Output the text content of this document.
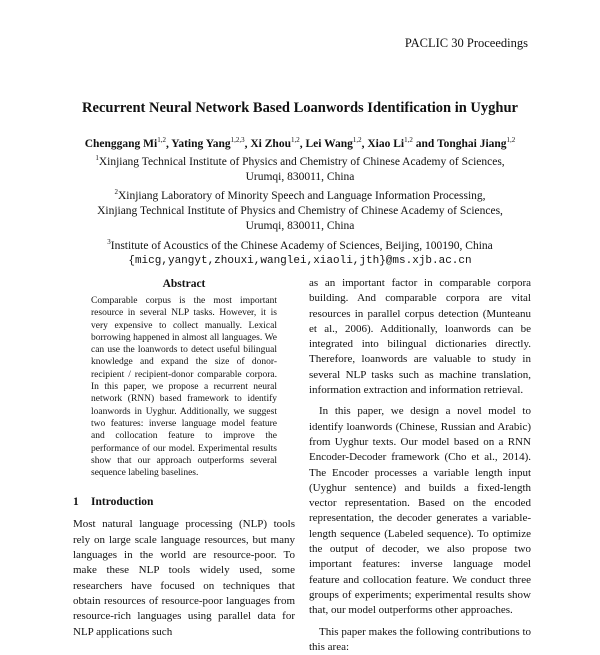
PACLIC 30 Proceedings
Recurrent Neural Network Based Loanwords Identification in Uyghur
Chenggang Mi$^{1,2}$, Yating Yang$^{1,2,3}$, Xi Zhou$^{1,2}$, Lei Wang$^{1,2}$, Xiao Li$^{1,2}$ and Tonghai Jiang$^{1,2}$
$^1$Xinjiang Technical Institute of Physics and Chemistry of Chinese Academy of Sciences,
Urumqi, 830011, China
$^2$Xinjiang Laboratory of Minority Speech and Language Information Processing,
Xinjiang Technical Institute of Physics and Chemistry of Chinese Academy of Sciences,
Urumqi, 830011, China
$^3$Institute of Acoustics of the Chinese Academy of Sciences, Beijing, 100190, China
{micg,yangyt,zhouxi,wanglei,xiaoli,jth}@ms.xjb.ac.cn
Abstract

Comparable corpus is the most important resource in several NLP tasks. However, it is very expensive to collect manually. Lexical borrowing happened in almost all languages. We can use the loanwords to detect useful bilingual knowledge and expand the size of donor-recipient / recipient-donor comparable corpora. In this paper, we propose a recurrent neural network (RNN) based framework to identify loanwords in Uyghur. Additionally, we suggest two features: inverse language model feature and collocation feature to improve the performance of our model. Experimental results show that our approach outperforms several sequence labeling baselines.

1 Introduction

Most natural language processing (NLP) tools rely on large scale language resources, but many languages in the world are resource-poor. To make these NLP tools widely used, some researchers have focused on techniques that obtain resources of resource-poor languages from resource-rich languages using parallel data for NLP applications such

as an important factor in comparable corpora building. And comparable corpora are vital resources in parallel corpus detection (Munteanu et al., 2006). Additionally, loanwords can be integrated into bilingual dictionaries directly. Therefore, loanwords are valuable to study in several NLP tasks such as machine translation, information extraction and information retrieval.

In this paper, we design a novel model to identify loanwords (Chinese, Russian and Arabic) from Uyghur texts. Our model based on a RNN Encoder-Decoder framework (Cho et al., 2014). The Encoder processes a variable length input (Uyghur sentence) and builds a fixed-length vector representation. Based on the encoded representation, the decoder generates a variable-length sequence (Labeled sequence). To optimize the output of decoder, we also propose two important features: inverse language model feature and collocation feature. We conduct three groups of experiments; experimental results show that, our model outperforms other approaches.

This paper makes the following contributions to this area:
